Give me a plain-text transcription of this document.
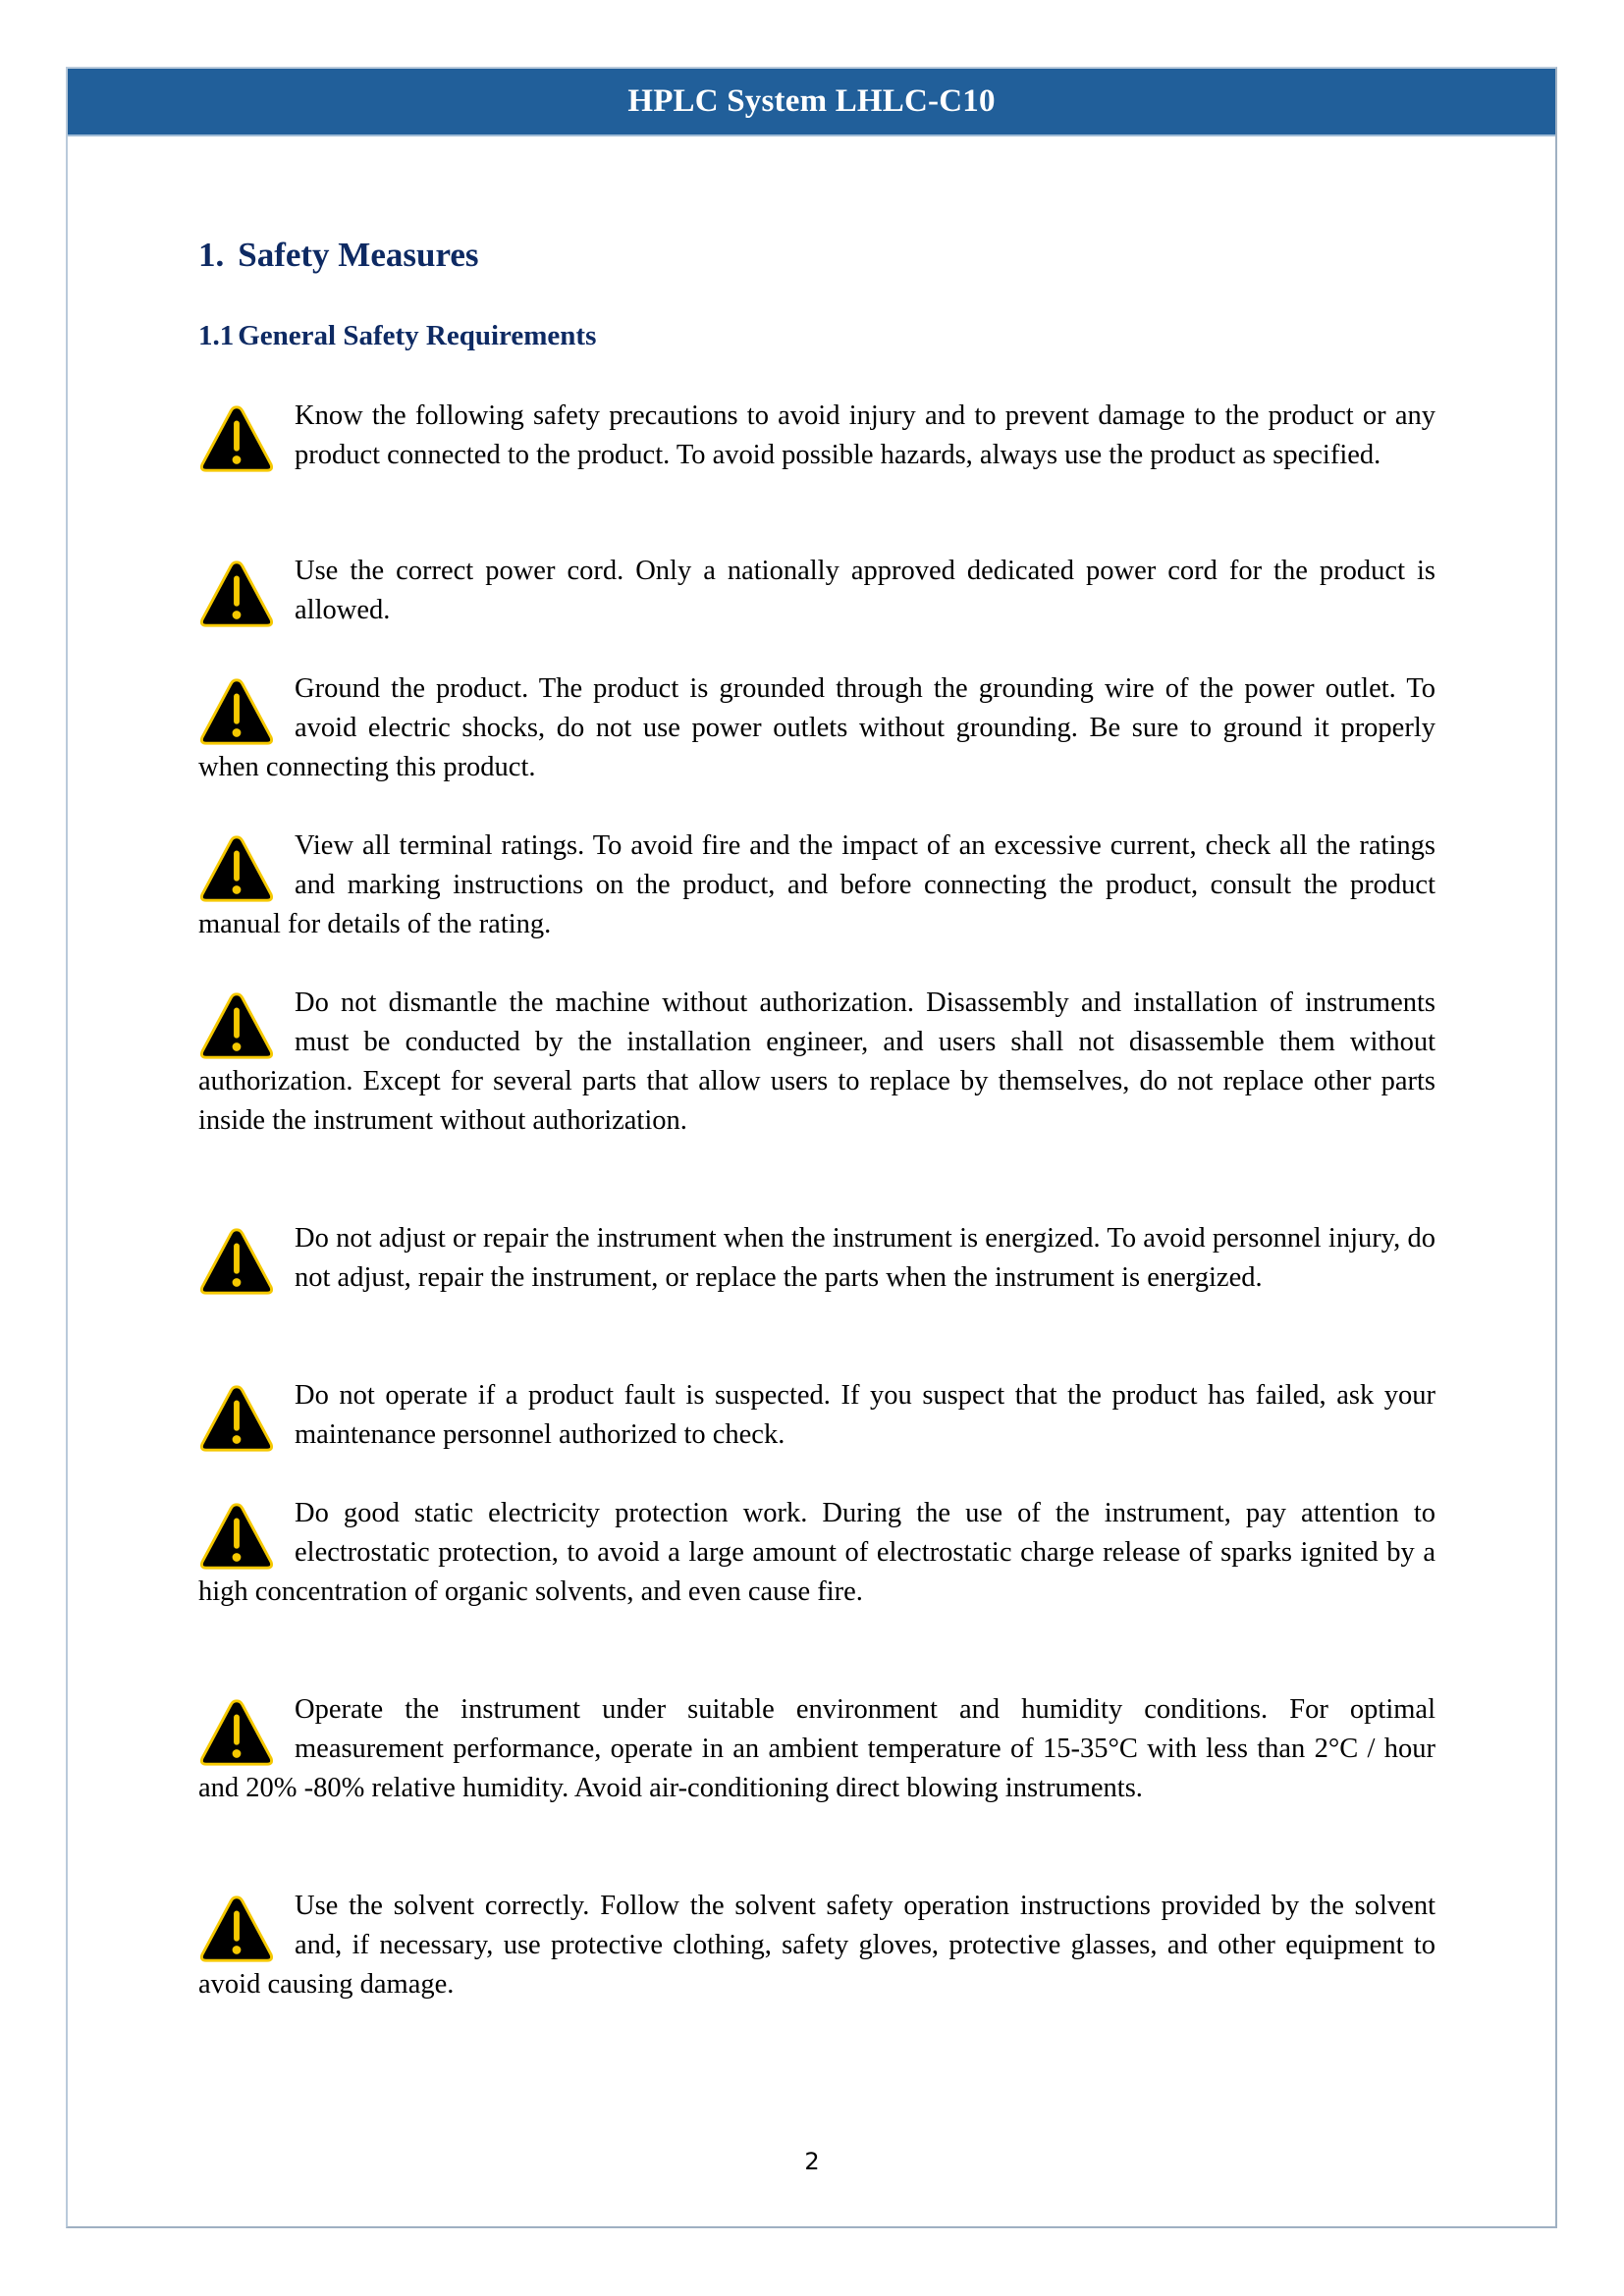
HPLC System LHLC-C10
1. Safety Measures
1.1 General Safety Requirements
Know the following safety precautions to avoid injury and to prevent damage to the product or any product connected to the product. To avoid possible hazards, always use the product as specified.
Use the correct power cord. Only a nationally approved dedicated power cord for the product is allowed.
Ground the product. The product is grounded through the grounding wire of the power outlet. To avoid electric shocks, do not use power outlets without grounding. Be sure to ground it properly when connecting this product.
View all terminal ratings. To avoid fire and the impact of an excessive current, check all the ratings and marking instructions on the product, and before connecting the product, consult the product manual for details of the rating.
Do not dismantle the machine without authorization. Disassembly and installation of instruments must be conducted by the installation engineer, and users shall not disassemble them without authorization. Except for several parts that allow users to replace by themselves, do not replace other parts inside the instrument without authorization.
Do not adjust or repair the instrument when the instrument is energized. To avoid personnel injury, do not adjust, repair the instrument, or replace the parts when the instrument is energized.
Do not operate if a product fault is suspected. If you suspect that the product has failed, ask your maintenance personnel authorized to check.
Do good static electricity protection work. During the use of the instrument, pay attention to electrostatic protection, to avoid a large amount of electrostatic charge release of sparks ignited by a high concentration of organic solvents, and even cause fire.
Operate the instrument under suitable environment and humidity conditions. For optimal measurement performance, operate in an ambient temperature of 15-35°C with less than 2°C / hour and 20% -80% relative humidity. Avoid air-conditioning direct blowing instruments.
Use the solvent correctly. Follow the solvent safety operation instructions provided by the solvent and, if necessary, use protective clothing, safety gloves, protective glasses, and other equipment to avoid causing damage.
2
